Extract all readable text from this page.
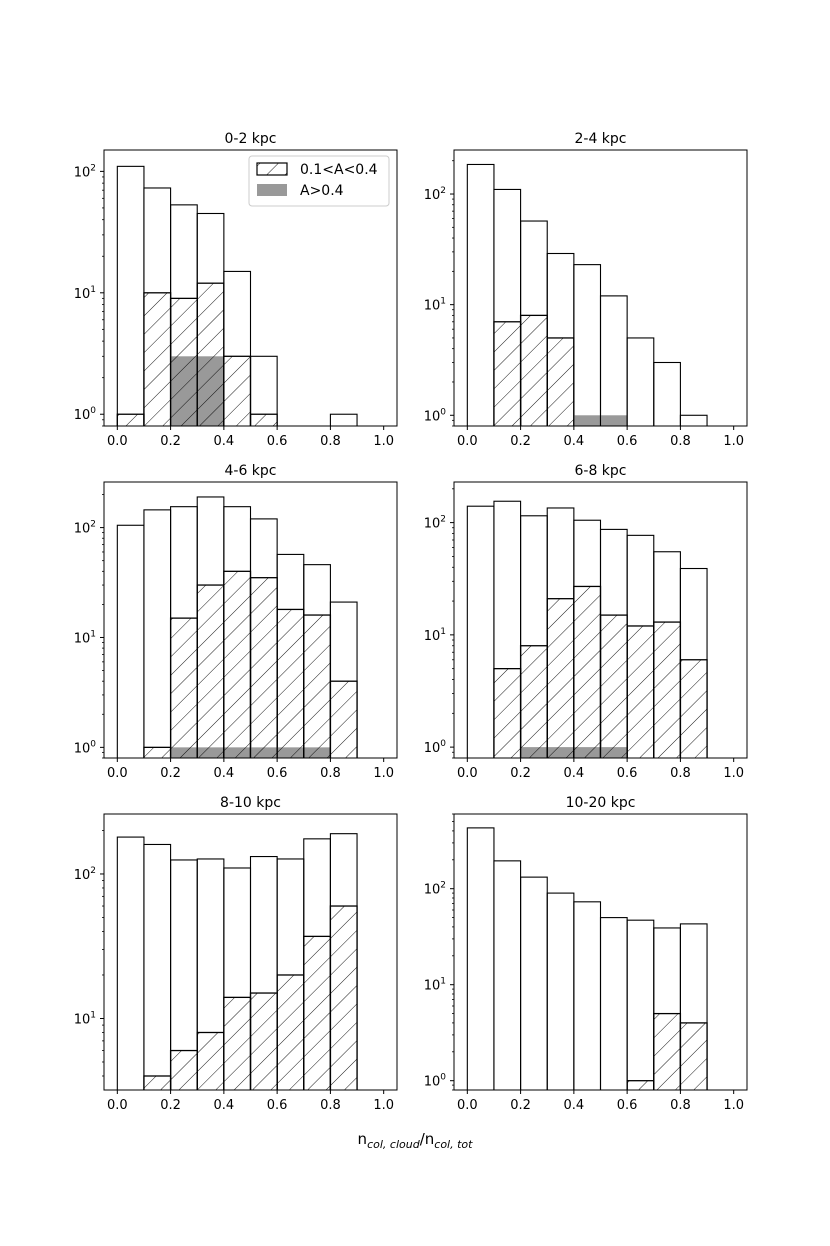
0-2 kpc
0.0	0.2	0.4	0.6	0.8	1.0
$10^0$
$10^1$
$10^2$	0.1<A<0.4
A>0.4
2-4 kpc
0.0	0.2	0.4	0.6	0.8	1.0
$10^0$
$10^1$
$10^2$
4-6 kpc
0.0	0.2	0.4	0.6	0.8	1.0
$10^0$
$10^1$
$10^2$
6-8 kpc
0.0	0.2	0.4	0.6	0.8	1.0
$10^0$
$10^1$
$10^2$
8-10 kpc
0.0	0.2	0.4	0.6	0.8	1.0
$10^1$
$10^2$
10-20 kpc
0.0	0.2	0.4	0.6	0.8	1.0
$10^0$
$10^1$
$10^2$
$n_{col, cloud}/n_{col, tot}$
